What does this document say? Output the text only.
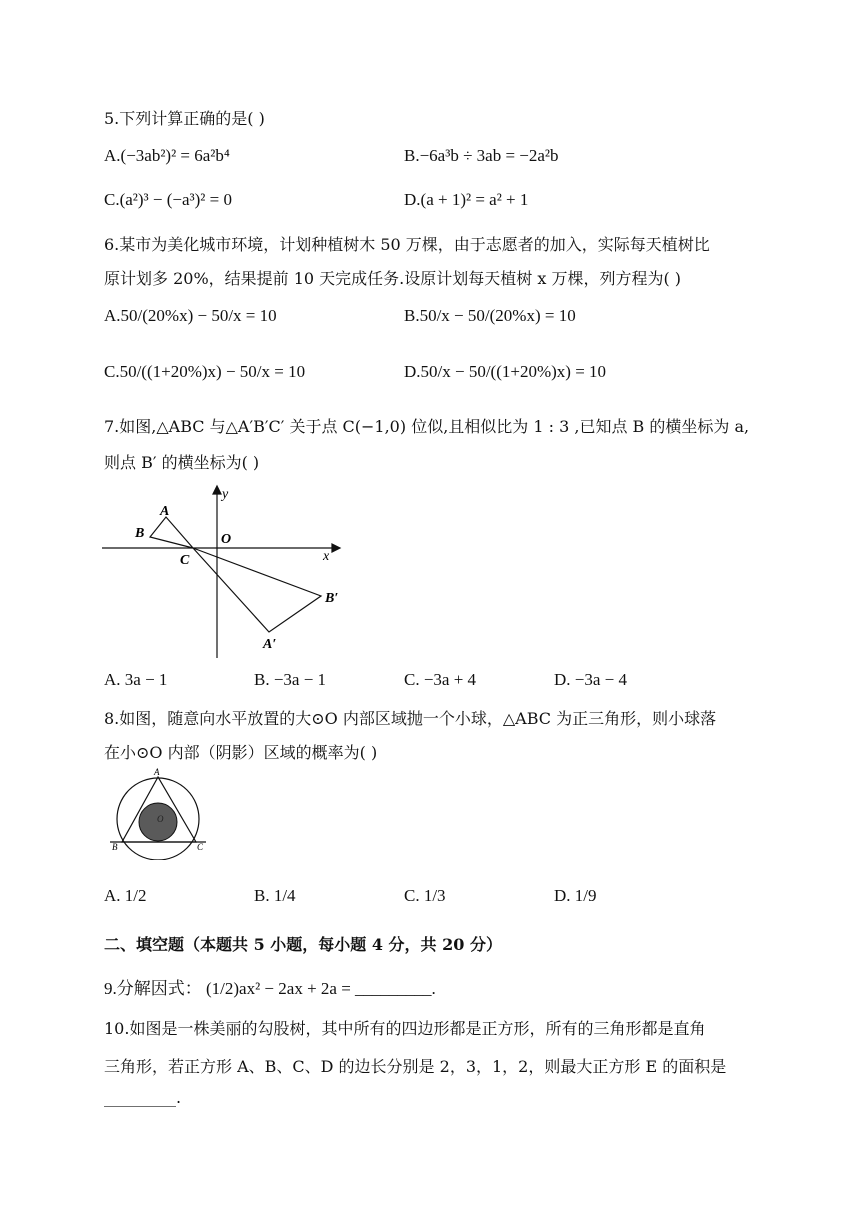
5.下列计算正确的是( )
A.(−3ab²)² = 6a²b⁴	B.−6a³b ÷ 3ab = −2a²b
C.(a²)³ − (−a³)² = 0	D.(a + 1)² = a² + 1
6.某市为美化城市环境，计划种植树木 50 万棵，由于志愿者的加入，实际每天植树比
原计划多 20%，结果提前 10 天完成任务.设原计划每天植树 x 万棵，列方程为( )
A.50/(20%x) − 50/x = 10	B.50/x − 50/(20%x) = 10
C.50/((1+20%)x) − 50/x = 10	D.50/x − 50/((1+20%)x) = 10
7.如图,△ABC 与△A′B′C′ 关于点 C(−1,0) 位似,且相似比为 1 : 3 ,已知点 B 的横坐标为 a,
则点 B′ 的横坐标为( )
y
x
O
A
B
C
B′
A′
A. 3a − 1	B. −3a − 1	C. −3a + 4	D. −3a − 4
8.如图，随意向水平放置的大⊙O 内部区域抛一个小球，△ABC 为正三角形，则小球落
在小⊙O 内部（阴影）区域的概率为( )
A
B	C
O
A. 1/2	B. 1/4	C. 1/3	D. 1/9
二、填空题（本题共 5 小题，每小题 4 分，共 20 分）
9.分解因式： (1/2)ax² − 2ax + 2a = _________.
10.如图是一株美丽的勾股树，其中所有的四边形都是正方形，所有的三角形都是直角
三角形，若正方形 A、B、C、D 的边长分别是 2，3，1，2，则最大正方形 E 的面积是
_________.
